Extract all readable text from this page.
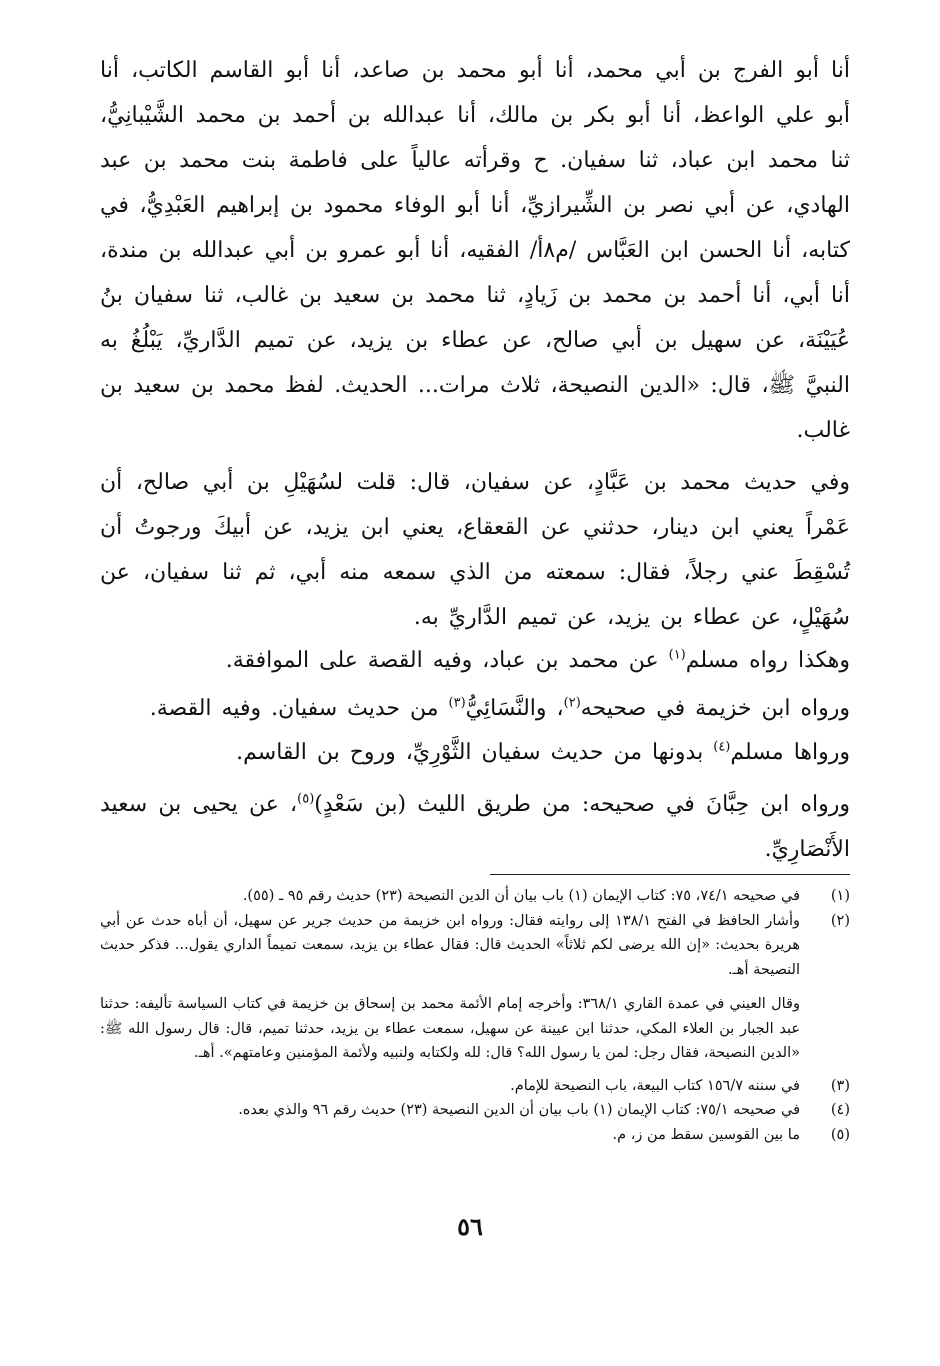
أنا أبو الفرج بن أبي محمد، أنا أبو محمد بن صاعد، أنا أبو القاسم الكاتب، أنا أبو علي الواعظ، أنا أبو بكر بن مالك، أنا عبدالله بن أحمد بن محمد الشَّيْبانِيُّ، ثنا محمد ابن عباد، ثنا سفيان. ح وقرأته عالياً على فاطمة بنت محمد بن عبد الهادي، عن أبي نصر بن الشِّيرازيِّ، أنا أبو الوفاء محمود بن إبراهيم العَبْدِيُّ، في كتابه، أنا الحسن ابن العَبَّاس /م٨أ/ الفقيه، أنا أبو عمرو بن أبي عبدالله بن مندة، أنا أبي، أنا أحمد بن محمد بن زَيادٍ، ثنا محمد بن سعيد بن غالب، ثنا سفيان بنُ عُيَيْنَة، عن سهيل بن أبي صالح، عن عطاء بن يزيد، عن تميم الدَّاريِّ، يَبْلُغُ به النبيَّ ﷺ، قال: «الدين النصيحة، ثلاث مرات... الحديث. لفظ محمد بن سعيد بن غالب.

وفي حديث محمد بن عَبَّادٍ، عن سفيان، قال: قلت لسُهَيْلِ بن أبي صالح، أن عَمْراً يعني ابن دينار، حدثني عن القعقاع، يعني ابن يزيد، عن أبيكَ ورجوتُ أن تُسْقِطَ عني رجلاً، فقال: سمعته من الذي سمعه منه أبي، ثم ثنا سفيان، عن سُهَيْلٍ، عن عطاء بن يزيد، عن تميم الدَّاريِّ به.

وهكذا رواه مسلم$^{(١)}$ عن محمد بن عباد، وفيه القصة على الموافقة.

ورواه ابن خزيمة في صحيحه$^{(٢)}$، والنَّسَائِيُّ$^{(٣)}$ من حديث سفيان. وفيه القصة.

ورواها مسلم$^{(٤)}$ بدونها من حديث سفيان الثَّوْرِيِّ، وروح بن القاسم.

ورواه ابن حِبَّانَ في صحيحه: من طريق الليث (بن سَعْدٍ)$^{(٥)}$، عن يحيى بن سعيد الأَنْصَارِيِّ.

(١)
في صحيحه ٧٤/١، ٧٥: كتاب الإيمان (١) باب بيان أن الدين النصيحة (٢٣) حديث رقم ٩٥ ـ (٥٥).
(٢)
وأشار الحافظ في الفتح ١٣٨/١ إلى روايته فقال: ورواه ابن خزيمة من حديث جرير عن سهيل، أن أباه حدث عن أبي هريرة بحديث: «إن الله يرضى لكم ثلاثاً» الحديث قال: فقال عطاء بن يزيد، سمعت تميماً الداري يقول... فذكر حديث النصيحة أهـ.
وقال العيني في عمدة القاري ٣٦٨/١: وأخرجه إمام الأئمة محمد بن إسحاق بن خزيمة في كتاب السياسة تأليفه: حدثنا عبد الجبار بن العلاء المكي، حدثنا ابن عيينة عن سهيل، سمعت عطاء بن يزيد، حدثنا تميم، قال: قال رسول الله ﷺ: «الدين النصيحة، فقال رجل: لمن يا رسول الله؟ قال: لله ولكتابه ولنبيه ولأئمة المؤمنين وعامتهم». أهـ.
(٣)
في سننه ١٥٦/٧ كتاب البيعة، باب النصيحة للإمام.
(٤)
في صحيحه ٧٥/١: كتاب الإيمان (١) باب بيان أن الدين النصيحة (٢٣) حديث رقم ٩٦ والذي بعده.
(٥)
ما بين القوسين سقط من ز، م.
٥٦
